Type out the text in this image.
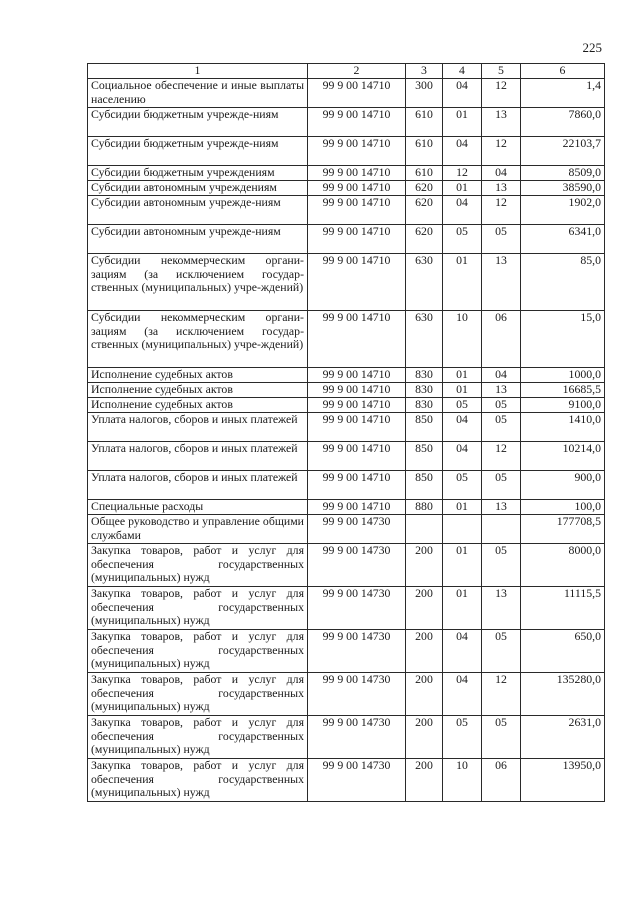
225
1	2	3	4	5	6
Социальное обеспечение и иные выплаты населению	99 9 00 14710	300	04	12	1,4
Субсидии бюджетным учрежде-ниям	99 9 00 14710	610	01	13	7860,0
Субсидии бюджетным учрежде-ниям	99 9 00 14710	610	04	12	22103,7
Субсидии бюджетным учреждениям	99 9 00 14710	610	12	04	8509,0
Субсидии автономным учреждениям	99 9 00 14710	620	01	13	38590,0
Субсидии автономным учрежде-ниям	99 9 00 14710	620	04	12	1902,0
Субсидии автономным учрежде-ниям	99 9 00 14710	620	05	05	6341,0
Субсидии некоммерческим органи-зациям (за исключением государ-ственных (муниципальных) учре-ждений)	99 9 00 14710	630	01	13	85,0
Субсидии некоммерческим органи-зациям (за исключением государ-ственных (муниципальных) учре-ждений)	99 9 00 14710	630	10	06	15,0
Исполнение судебных актов	99 9 00 14710	830	01	04	1000,0
Исполнение судебных актов	99 9 00 14710	830	01	13	16685,5
Исполнение судебных актов	99 9 00 14710	830	05	05	9100,0
Уплата налогов, сборов и иных платежей	99 9 00 14710	850	04	05	1410,0
Уплата налогов, сборов и иных платежей	99 9 00 14710	850	04	12	10214,0
Уплата налогов, сборов и иных платежей	99 9 00 14710	850	05	05	900,0
Специальные расходы	99 9 00 14710	880	01	13	100,0
Общее руководство и управление общими службами	99 9 00 14730				177708,5
Закупка товаров, работ и услуг для обеспечения государственных (муниципальных) нужд	99 9 00 14730	200	01	05	8000,0
Закупка товаров, работ и услуг для обеспечения государственных (муниципальных) нужд	99 9 00 14730	200	01	13	11115,5
Закупка товаров, работ и услуг для обеспечения государственных (муниципальных) нужд	99 9 00 14730	200	04	05	650,0
Закупка товаров, работ и услуг для обеспечения государственных (муниципальных) нужд	99 9 00 14730	200	04	12	135280,0
Закупка товаров, работ и услуг для обеспечения государственных (муниципальных) нужд	99 9 00 14730	200	05	05	2631,0
Закупка товаров, работ и услуг для обеспечения государственных (муниципальных) нужд	99 9 00 14730	200	10	06	13950,0
